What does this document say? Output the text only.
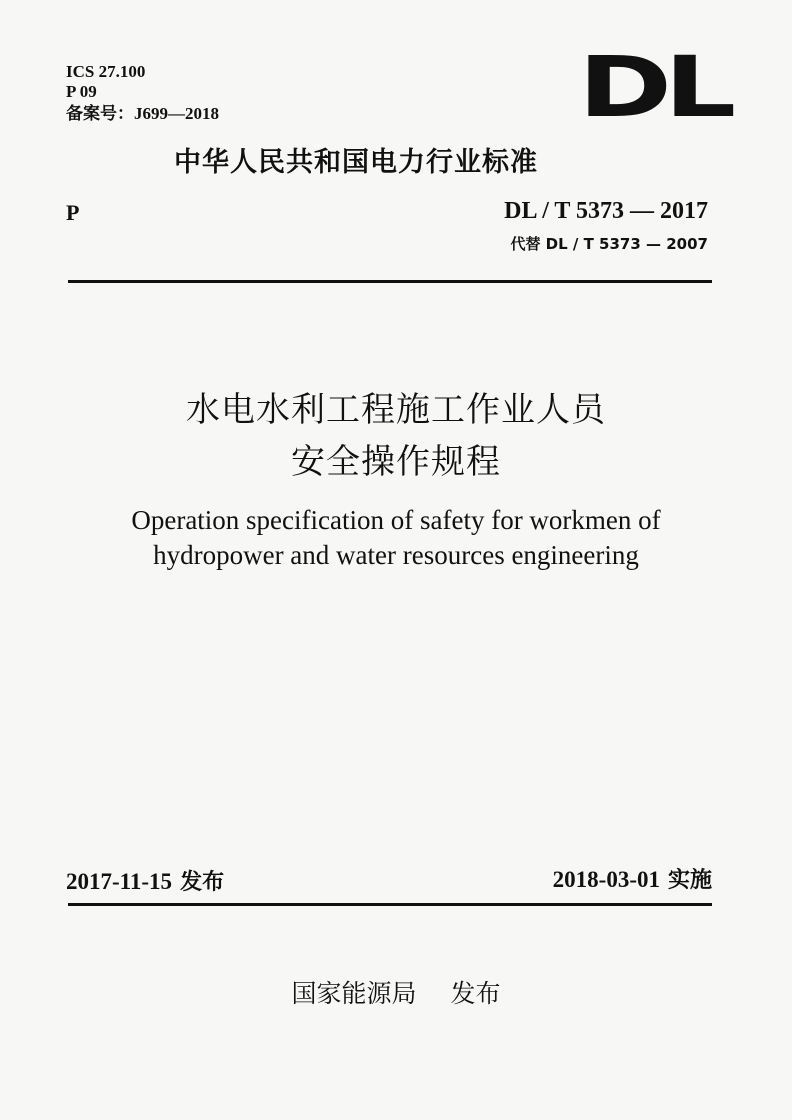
ICS 27.100
P 09
备案号：J699—2018	DL
中华人民共和国电力行业标准
P	DL / T 5373 — 2017
代替 DL / T 5373 — 2007
水电水利工程施工作业人员
安全操作规程
Operation specification of safety for workmen of
hydropower and water resources engineering
2017-11-15 发布	2018-03-01 实施
国家能源局 发布
